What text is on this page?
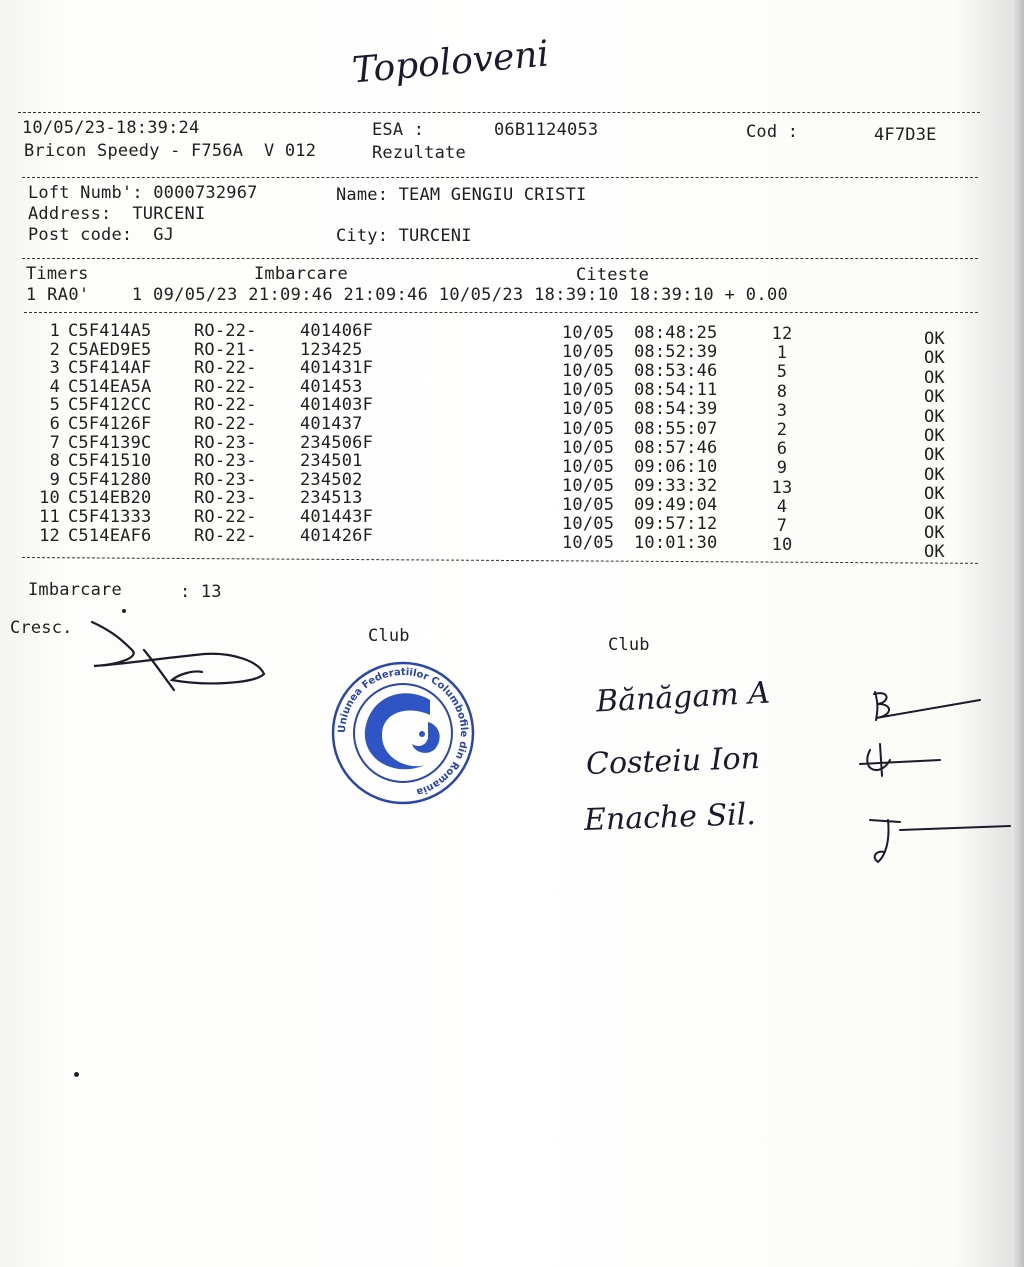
Topoloveni
10/05/23-18:39:24	ESA :	06B1124053	Cod :	4F7D3E
Bricon Speedy - F756A  V 012	Rezultate
Loft Numb': 0000732967	Name: TEAM GENGIU CRISTI
Address:  TURCENI
Post code:  GJ	City: TURCENI
Timers	Imbarcare	Citeste
1 RA0'    1 09/05/23 21:09:46 21:09:46 10/05/23 18:39:10 18:39:10 + 0.00
1 C5F414A5	RO-22-	401406F	10/05 08:48:25	12	OK
2 C5AED9E5	RO-21-	123425	10/05 08:52:39	1	OK
3 C5F414AF	RO-22-	401431F	10/05 08:53:46	5	OK
4 C514EA5A	RO-22-	401453	10/05 08:54:11	8	OK
5 C5F412CC	RO-22-	401403F	10/05 08:54:39	3	OK
6 C5F4126F	RO-22-	401437	10/05 08:55:07	2	OK
7 C5F4139C	RO-23-	234506F	10/05 08:57:46	6	OK
8 C5F41510	RO-23-	234501	10/05 09:06:10	9	OK
9 C5F41280	RO-23-	234502	10/05 09:33:32	13	OK
10 C514EB20	RO-23-	234513	10/05 09:49:04	4	OK
11 C5F41333	RO-22-	401443F	10/05 09:57:12	7	OK
12 C514EAF6	RO-22-	401426F	10/05 10:01:30	10	OK
Imbarcare	: 13
Cresc.	Club	Club
Uniunea Federatiilor Columbofile din Romania
Bănăgam A
Costeiu Ion
Enache Sil.
